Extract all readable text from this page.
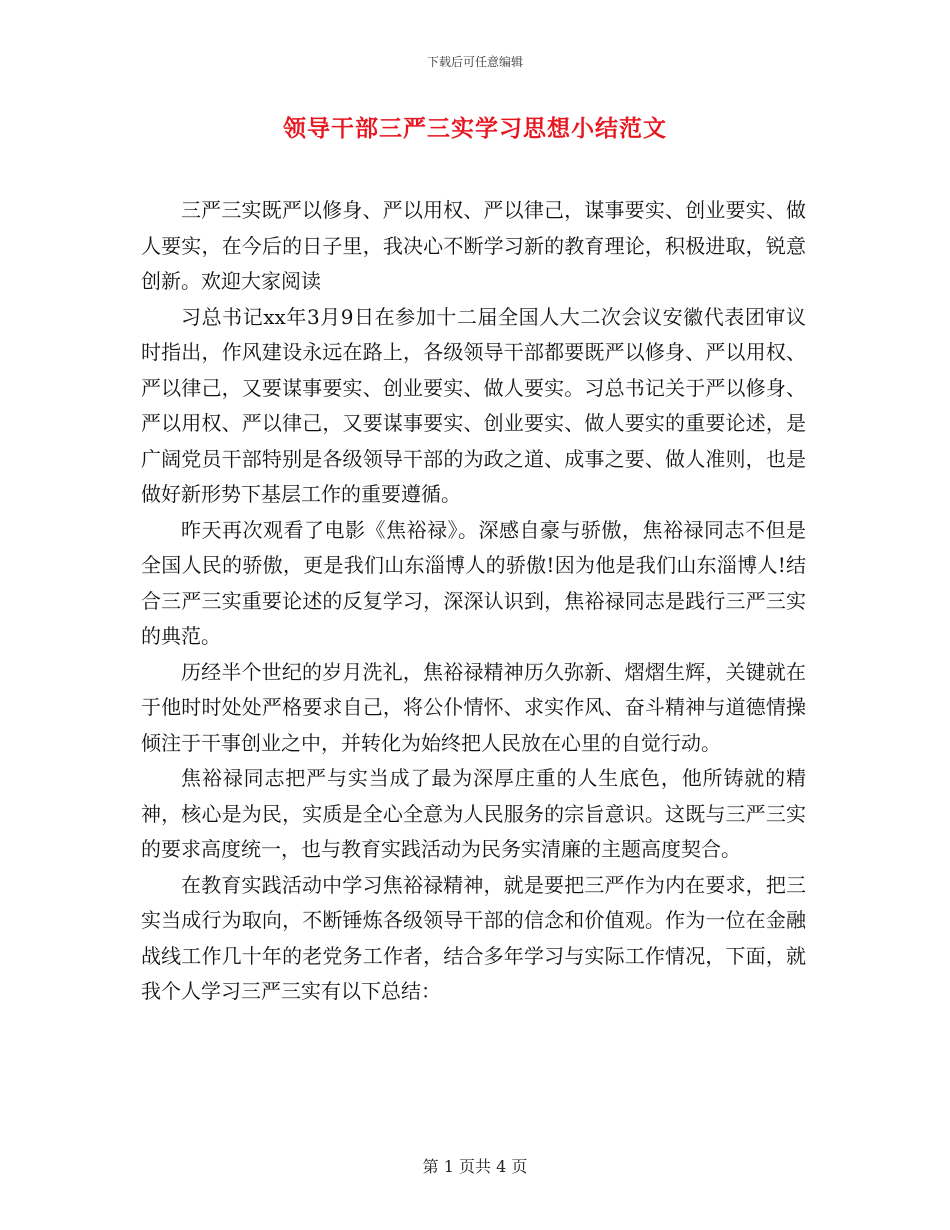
下载后可任意编辑
领导干部三严三实学习思想小结范文

三严三实既严以修身、严以用权、严以律己，谋事要实、创业要实、做人要实，在今后的日子里，我决心不断学习新的教育理论，积极进取，锐意创新。欢迎大家阅读

习总书记xx年3月9日在参加十二届全国人大二次会议安徽代表团审议时指出，作风建设永远在路上，各级领导干部都要既严以修身、严以用权、严以律己，又要谋事要实、创业要实、做人要实。习总书记关于严以修身、严以用权、严以律己，又要谋事要实、创业要实、做人要实的重要论述，是广阔党员干部特别是各级领导干部的为政之道、成事之要、做人准则，也是做好新形势下基层工作的重要遵循。

昨天再次观看了电影《焦裕禄》。深感自豪与骄傲，焦裕禄同志不但是全国人民的骄傲，更是我们山东淄博人的骄傲!因为他是我们山东淄博人!结合三严三实重要论述的反复学习，深深认识到，焦裕禄同志是践行三严三实的典范。

历经半个世纪的岁月洗礼，焦裕禄精神历久弥新、熠熠生辉，关键就在于他时时处处严格要求自己，将公仆情怀、求实作风、奋斗精神与道德情操倾注于干事创业之中，并转化为始终把人民放在心里的自觉行动。

焦裕禄同志把严与实当成了最为深厚庄重的人生底色，他所铸就的精神，核心是为民，实质是全心全意为人民服务的宗旨意识。这既与三严三实的要求高度统一，也与教育实践活动为民务实清廉的主题高度契合。

在教育实践活动中学习焦裕禄精神，就是要把三严作为内在要求，把三实当成行为取向，不断锤炼各级领导干部的信念和价值观。作为一位在金融战线工作几十年的老党务工作者，结合多年学习与实际工作情况，下面，就我个人学习三严三实有以下总结：

第 1 页共 4 页
